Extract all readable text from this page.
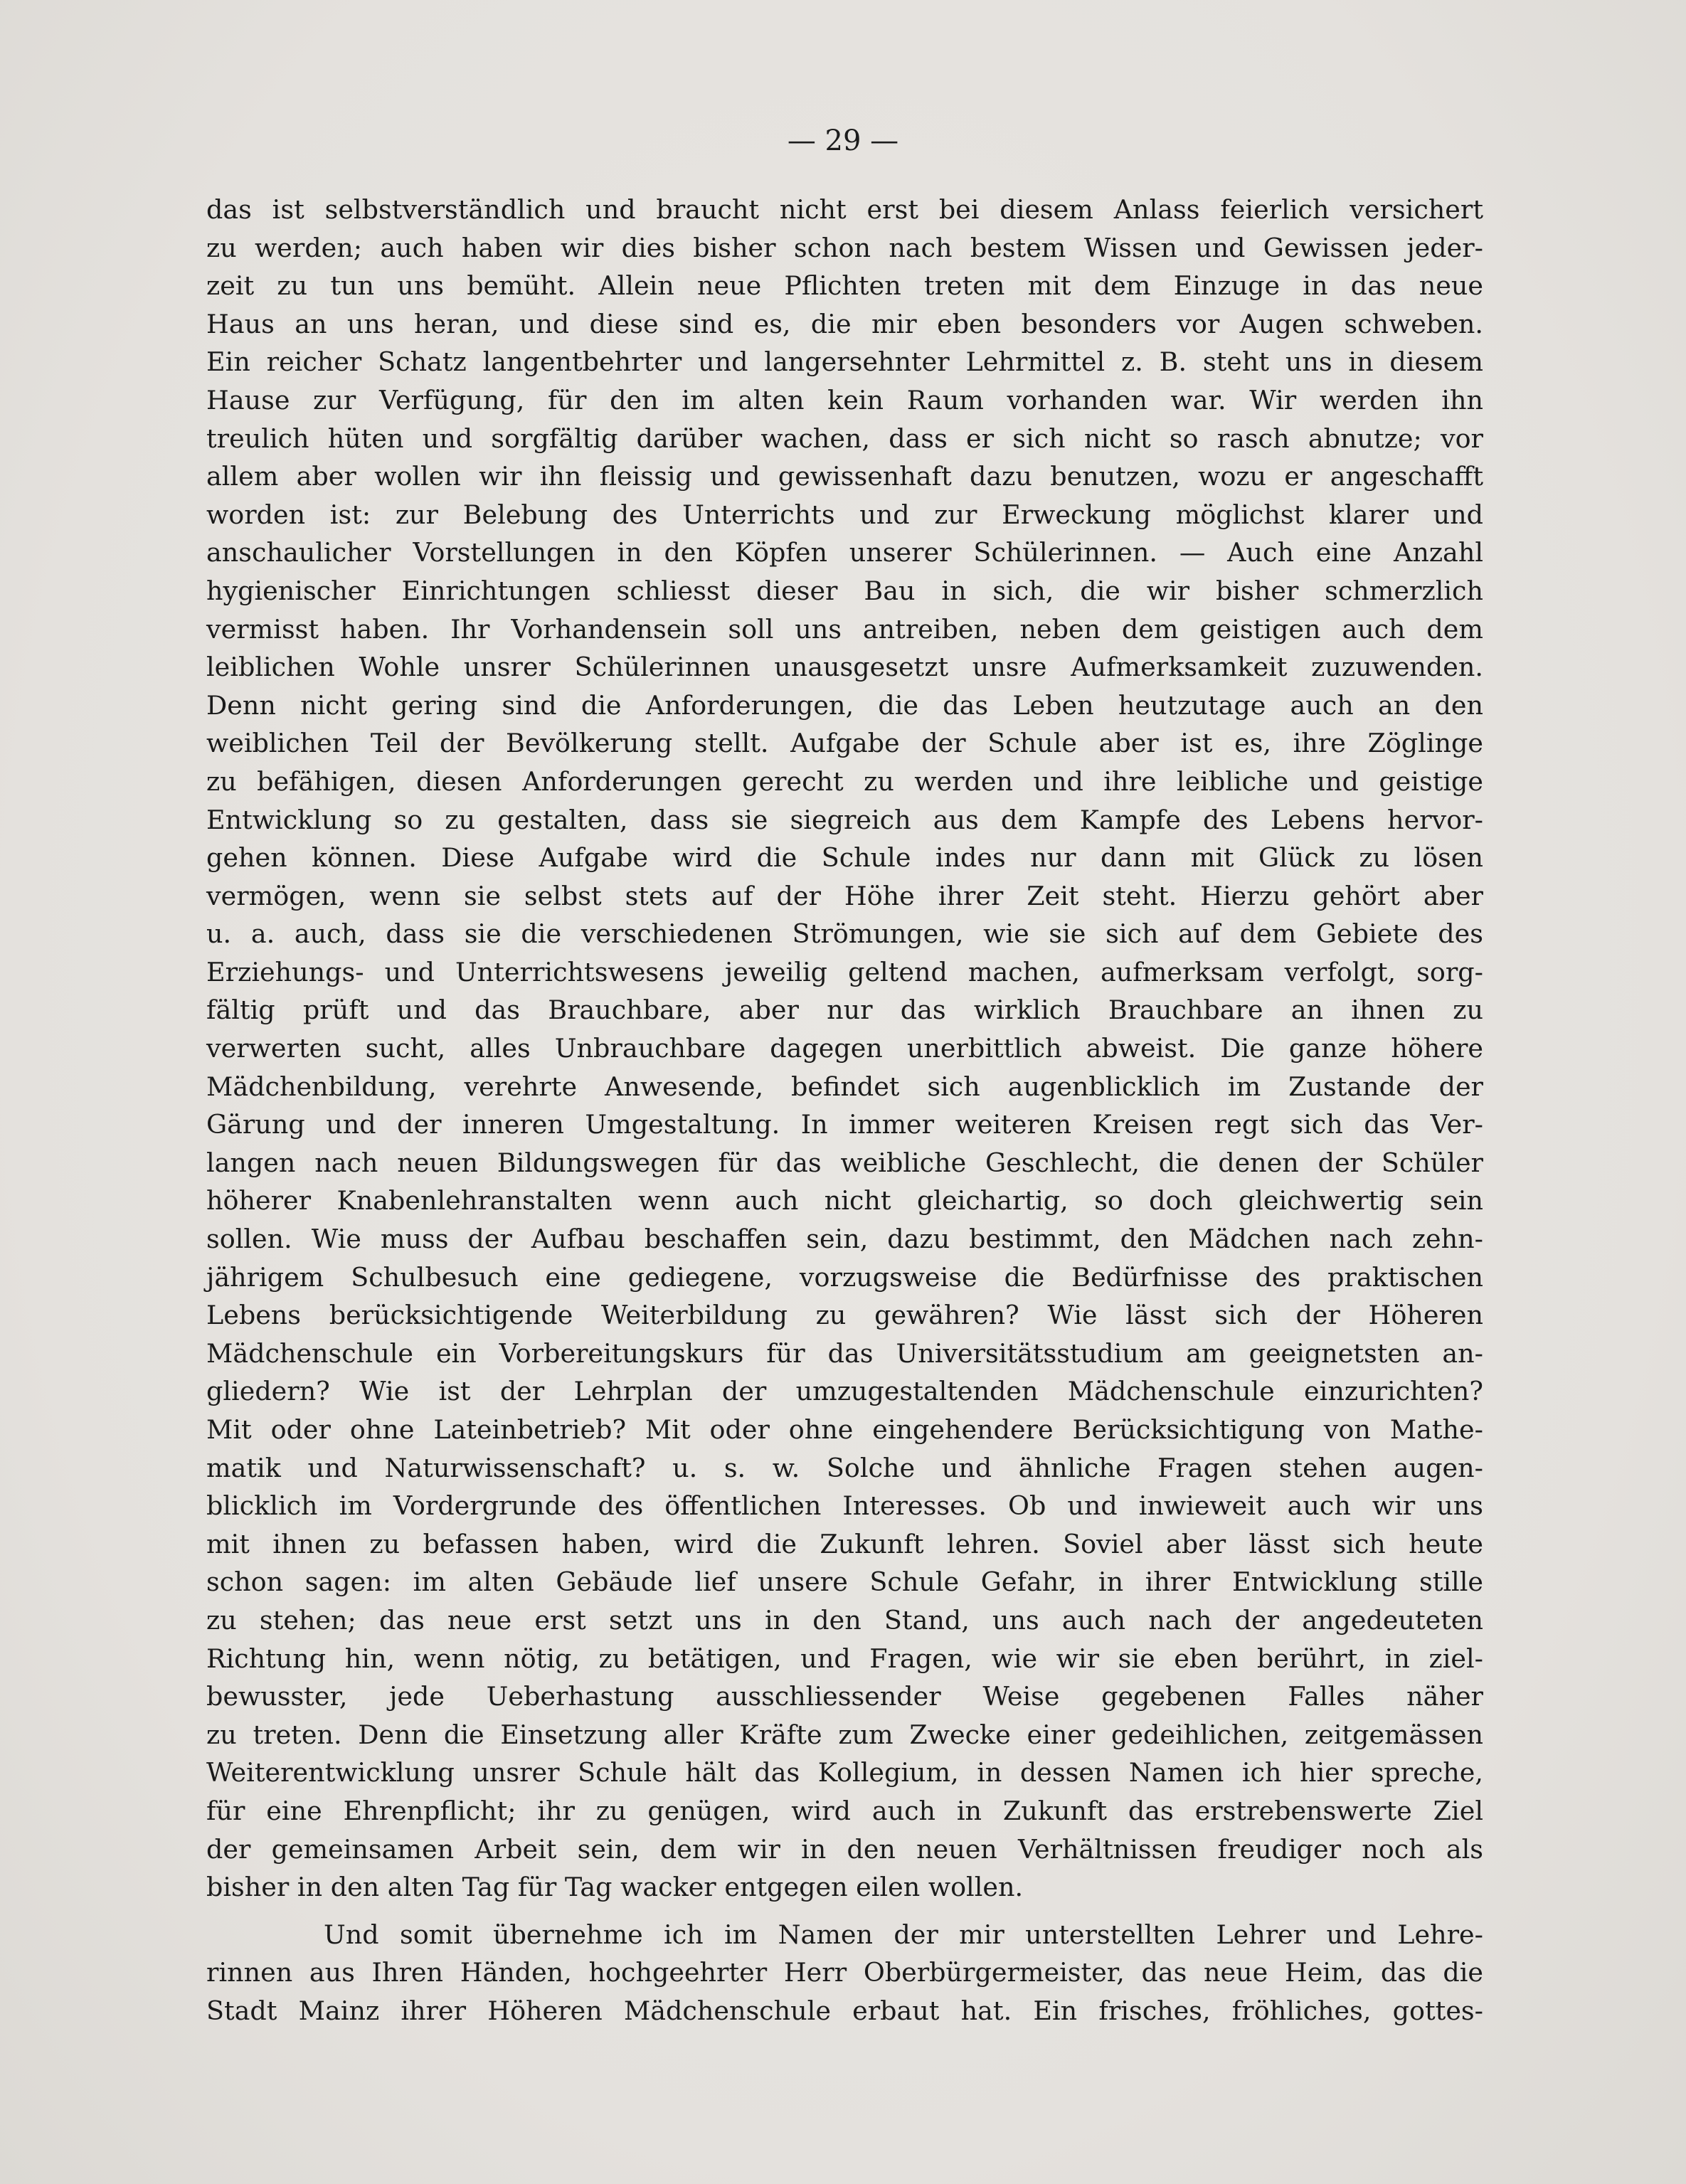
— 29 —

das ist selbstverständlich und braucht nicht erst bei diesem Anlass feierlich versichert
zu werden; auch haben wir dies bisher schon nach bestem Wissen und Gewissen jeder-
zeit zu tun uns bemüht. Allein neue Pflichten treten mit dem Einzuge in das neue
Haus an uns heran, und diese sind es, die mir eben besonders vor Augen schweben.
Ein reicher Schatz langentbehrter und langersehnter Lehrmittel z. B. steht uns in diesem
Hause zur Verfügung, für den im alten kein Raum vorhanden war. Wir werden ihn
treulich hüten und sorgfältig darüber wachen, dass er sich nicht so rasch abnutze; vor
allem aber wollen wir ihn fleissig und gewissenhaft dazu benutzen, wozu er angeschafft
worden ist: zur Belebung des Unterrichts und zur Erweckung möglichst klarer und
anschaulicher Vorstellungen in den Köpfen unserer Schülerinnen. — Auch eine Anzahl
hygienischer Einrichtungen schliesst dieser Bau in sich, die wir bisher schmerzlich
vermisst haben. Ihr Vorhandensein soll uns antreiben, neben dem geistigen auch dem
leiblichen Wohle unsrer Schülerinnen unausgesetzt unsre Aufmerksamkeit zuzuwenden.
Denn nicht gering sind die Anforderungen, die das Leben heutzutage auch an den
weiblichen Teil der Bevölkerung stellt. Aufgabe der Schule aber ist es, ihre Zöglinge
zu befähigen, diesen Anforderungen gerecht zu werden und ihre leibliche und geistige
Entwicklung so zu gestalten, dass sie siegreich aus dem Kampfe des Lebens hervor-
gehen können. Diese Aufgabe wird die Schule indes nur dann mit Glück zu lösen
vermögen, wenn sie selbst stets auf der Höhe ihrer Zeit steht. Hierzu gehört aber
u. a. auch, dass sie die verschiedenen Strömungen, wie sie sich auf dem Gebiete des
Erziehungs- und Unterrichtswesens jeweilig geltend machen, aufmerksam verfolgt, sorg-
fältig prüft und das Brauchbare, aber nur das wirklich Brauchbare an ihnen zu
verwerten sucht, alles Unbrauchbare dagegen unerbittlich abweist. Die ganze höhere
Mädchenbildung, verehrte Anwesende, befindet sich augenblicklich im Zustande der
Gärung und der inneren Umgestaltung. In immer weiteren Kreisen regt sich das Ver-
langen nach neuen Bildungswegen für das weibliche Geschlecht, die denen der Schüler
höherer Knabenlehranstalten wenn auch nicht gleichartig, so doch gleichwertig sein
sollen. Wie muss der Aufbau beschaffen sein, dazu bestimmt, den Mädchen nach zehn-
jährigem Schulbesuch eine gediegene, vorzugsweise die Bedürfnisse des praktischen
Lebens berücksichtigende Weiterbildung zu gewähren? Wie lässt sich der Höheren
Mädchenschule ein Vorbereitungskurs für das Universitätsstudium am geeignetsten an-
gliedern? Wie ist der Lehrplan der umzugestaltenden Mädchenschule einzurichten?
Mit oder ohne Lateinbetrieb? Mit oder ohne eingehendere Berücksichtigung von Mathe-
matik und Naturwissenschaft? u. s. w. Solche und ähnliche Fragen stehen augen-
blicklich im Vordergrunde des öffentlichen Interesses. Ob und inwieweit auch wir uns
mit ihnen zu befassen haben, wird die Zukunft lehren. Soviel aber lässt sich heute
schon sagen: im alten Gebäude lief unsere Schule Gefahr, in ihrer Entwicklung stille
zu stehen; das neue erst setzt uns in den Stand, uns auch nach der angedeuteten
Richtung hin, wenn nötig, zu betätigen, und Fragen, wie wir sie eben berührt, in ziel-
bewusster, jede Ueberhastung ausschliessender Weise gegebenen Falles näher
zu treten. Denn die Einsetzung aller Kräfte zum Zwecke einer gedeihlichen, zeitgemässen
Weiterentwicklung unsrer Schule hält das Kollegium, in dessen Namen ich hier spreche,
für eine Ehrenpflicht; ihr zu genügen, wird auch in Zukunft das erstrebenswerte Ziel
der gemeinsamen Arbeit sein, dem wir in den neuen Verhältnissen freudiger noch als
bisher in den alten Tag für Tag wacker entgegen eilen wollen.

Und somit übernehme ich im Namen der mir unterstellten Lehrer und Lehre-
rinnen aus Ihren Händen, hochgeehrter Herr Oberbürgermeister, das neue Heim, das die
Stadt Mainz ihrer Höheren Mädchenschule erbaut hat. Ein frisches, fröhliches, gottes-
